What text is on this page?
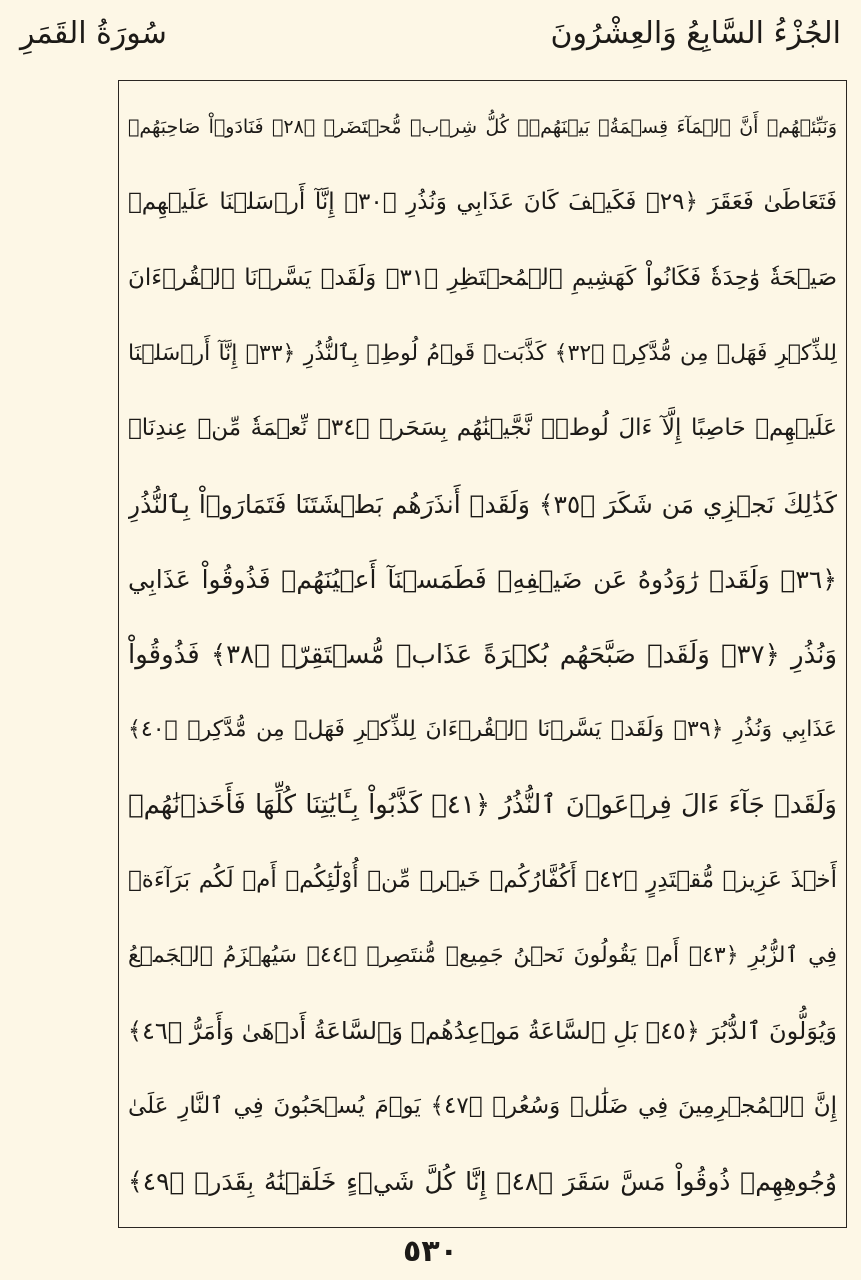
الجُزْءُ السَّابِعُ وَالعِشْرُونَ
سُورَةُ القَمَرِ
وَنَبِّئۡهُمۡ أَنَّ ٱلۡمَآءَ قِسۡمَةُۢ بَيۡنَهُمۡۖ كُلُّ شِرۡبٖ مُّحۡتَضَرٞ ﴿٢٨﴾ فَنَادَوۡاْ صَاحِبَهُمۡ
فَتَعَاطَىٰ فَعَقَرَ ﴿٢٩﴾ فَكَيۡفَ كَانَ عَذَابِي وَنُذُرِ ﴿٣٠﴾ إِنَّآ أَرۡسَلۡنَا عَلَيۡهِمۡ
صَيۡحَةٗ وَٰحِدَةٗ فَكَانُواْ كَهَشِيمِ ٱلۡمُحۡتَظِرِ ﴿٣١﴾ وَلَقَدۡ يَسَّرۡنَا ٱلۡقُرۡءَانَ
لِلذِّكۡرِ فَهَلۡ مِن مُّدَّكِرٖ ﴿٣٢﴾ كَذَّبَتۡ قَوۡمُ لُوطِۭ بِٱلنُّذُرِ ﴿٣٣﴾ إِنَّآ أَرۡسَلۡنَا
عَلَيۡهِمۡ حَاصِبًا إِلَّآ ءَالَ لُوطٖۖ نَّجَّيۡنَٰهُم بِسَحَرٖ ﴿٣٤﴾ نِّعۡمَةٗ مِّنۡ عِندِنَاۚ
كَذَٰلِكَ نَجۡزِي مَن شَكَرَ ﴿٣٥﴾ وَلَقَدۡ أَنذَرَهُم بَطۡشَتَنَا فَتَمَارَوۡاْ بِٱلنُّذُرِ
﴿٣٦﴾ وَلَقَدۡ رَٰوَدُوهُ عَن ضَيۡفِهِۦ فَطَمَسۡنَآ أَعۡيُنَهُمۡ فَذُوقُواْ عَذَابِي
وَنُذُرِ ﴿٣٧﴾ وَلَقَدۡ صَبَّحَهُم بُكۡرَةً عَذَابٞ مُّسۡتَقِرّٞ ﴿٣٨﴾ فَذُوقُواْ
عَذَابِي وَنُذُرِ ﴿٣٩﴾ وَلَقَدۡ يَسَّرۡنَا ٱلۡقُرۡءَانَ لِلذِّكۡرِ فَهَلۡ مِن مُّدَّكِرٖ ﴿٤٠﴾
وَلَقَدۡ جَآءَ ءَالَ فِرۡعَوۡنَ ٱلنُّذُرُ ﴿٤١﴾ كَذَّبُواْ بِـَٔايَٰتِنَا كُلِّهَا فَأَخَذۡنَٰهُمۡ
أَخۡذَ عَزِيزٖ مُّقۡتَدِرٍ ﴿٤٢﴾ أَكُفَّارُكُمۡ خَيۡرٞ مِّنۡ أُوْلَٰٓئِكُمۡ أَمۡ لَكُم بَرَآءَةٞ
فِي ٱلزُّبُرِ ﴿٤٣﴾ أَمۡ يَقُولُونَ نَحۡنُ جَمِيعٞ مُّنتَصِرٞ ﴿٤٤﴾ سَيُهۡزَمُ ٱلۡجَمۡعُ
وَيُوَلُّونَ ٱلدُّبُرَ ﴿٤٥﴾ بَلِ ٱلسَّاعَةُ مَوۡعِدُهُمۡ وَٱلسَّاعَةُ أَدۡهَىٰ وَأَمَرُّ ﴿٤٦﴾
إِنَّ ٱلۡمُجۡرِمِينَ فِي ضَلَٰلٖ وَسُعُرٖ ﴿٤٧﴾ يَوۡمَ يُسۡحَبُونَ فِي ٱلنَّارِ عَلَىٰ
وُجُوهِهِمۡ ذُوقُواْ مَسَّ سَقَرَ ﴿٤٨﴾ إِنَّا كُلَّ شَيۡءٍ خَلَقۡنَٰهُ بِقَدَرٖ ﴿٤٩﴾
٥٣٠
